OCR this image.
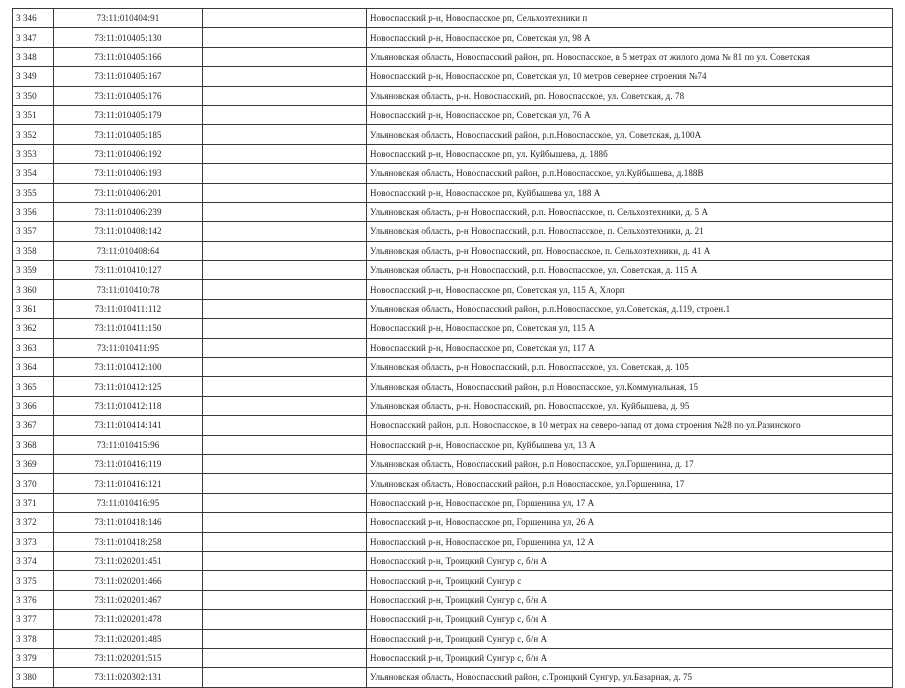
3 346	73:11:010404:91		Новоспасский р-н, Новоспасское рп, Сельхозтехники п
3 347	73:11:010405:130		Новоспасский р-н, Новоспасское рп, Советская ул, 98 А
3 348	73:11:010405:166		Ульяновская область, Новоспасский район, рп. Новоспасское, в 5 метрах от жилого дома № 81 по ул. Советская
3 349	73:11:010405:167		Новоспасский р-н, Новоспасское рп, Советская ул, 10 метров севернее строения №74
3 350	73:11:010405:176		Ульяновская область, р-н. Новоспасский, рп. Новоспасское, ул. Советская, д. 78
3 351	73:11:010405:179		Новоспасский р-н, Новоспасское рп, Советская ул, 76 А
3 352	73:11:010405:185		Ульяновская область, Новоспасский район, р.п.Новоспасское, ул. Советская, д.100А
3 353	73:11:010406:192		Новоспасский р-н, Новоспасское рп, ул. Куйбышева, д. 188б
3 354	73:11:010406:193		Ульяновская область, Новоспасский район, р.п.Новоспасское, ул.Куйбышева, д.188В
3 355	73:11:010406:201		Новоспасский р-н, Новоспасское рп, Куйбышева ул, 188 А
3 356	73:11:010406:239		Ульяновская область, р-н Новоспасский, р.п. Новоспасское, п. Сельхозтехники, д. 5 А
3 357	73:11:010408:142		Ульяновская область, р-н Новоспасский, р.п. Новоспасское, п. Сельхозтехники, д. 21
3 358	73:11:010408:64		Ульяновская область, р-н Новоспасский, рп. Новоспасское, п. Сельхозтехники, д. 41 А
3 359	73:11:010410:127		Ульяновская область, р-н Новоспасский, р.п. Новоспасское, ул. Советская, д. 115 А
3 360	73:11:010410:78		Новоспасский р-н, Новоспасское рп, Советская ул, 115 А, Хлорп
3 361	73:11:010411:112		Ульяновская область, Новоспасский район, р.п.Новоспасское, ул.Советская, д.119, строен.1
3 362	73:11:010411:150		Новоспасский р-н, Новоспасское рп, Советская ул, 115 А
3 363	73:11:010411:95		Новоспасский р-н, Новоспасское рп, Советская ул, 117 А
3 364	73:11:010412:100		Ульяновская область, р-н Новоспасский, р.п. Новоспасское, ул. Советская, д. 105
3 365	73:11:010412:125		Ульяновская область, Новоспасский район, р.п Новоспасское, ул.Коммунальная, 15
3 366	73:11:010412:118		Ульяновская область, р-н. Новоспасский, рп. Новоспасское, ул. Куйбышева, д. 95
3 367	73:11:010414:141		Новоспасский район, р.п. Новоспасское, в 10 метрах на северо-запад от дома строения №28 по ул.Разинского
3 368	73:11:010415:96		Новоспасский р-н, Новоспасское рп, Куйбышева ул, 13 А
3 369	73:11:010416:119		Ульяновская область, Новоспасский район, р.п Новоспасское, ул.Горшенина, д. 17
3 370	73:11:010416:121		Ульяновская область, Новоспасский район, р.п Новоспасское, ул.Горшенина, 17
3 371	73:11:010416:95		Новоспасский р-н, Новоспасское рп, Горшенина ул, 17 А
3 372	73:11:010418:146		Новоспасский р-н, Новоспасское рп, Горшенина ул, 26 А
3 373	73:11:010418:258		Новоспасский р-н, Новоспасское рп, Горшенина ул, 12 А
3 374	73:11:020201:451		Новоспасский р-н, Троицкий Сунгур с, б/н А
3 375	73:11:020201:466		Новоспасский р-н, Троицкий Сунгур с
3 376	73:11:020201:467		Новоспасский р-н, Троицкий Сунгур с, б/н А
3 377	73:11:020201:478		Новоспасский р-н, Троицкий Сунгур с, б/н А
3 378	73:11:020201:485		Новоспасский р-н, Троицкий Сунгур с, б/н А
3 379	73:11:020201:515		Новоспасский р-н, Троицкий Сунгур с, б/н А
3 380	73:11:020302:131		Ульяновская область, Новоспасский район, с.Троицкий Сунгур, ул.Базарная, д. 75
